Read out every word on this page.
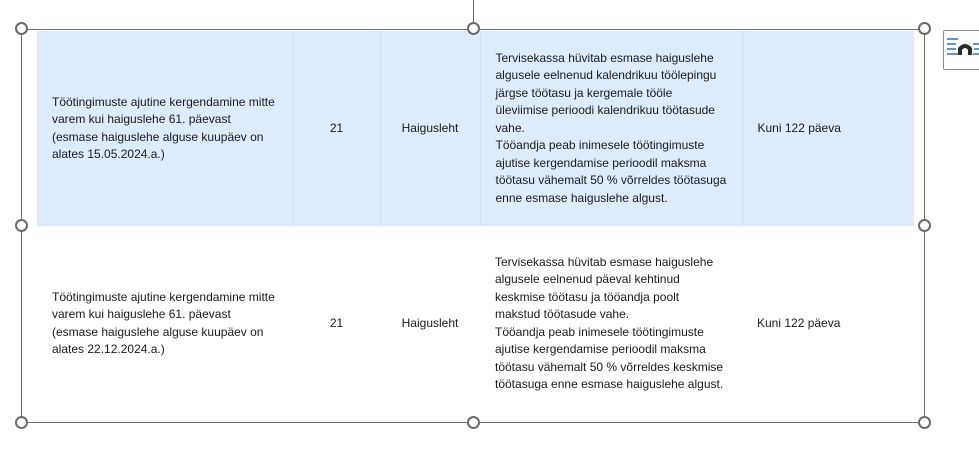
Töötingimuste ajutine kergendamine mitte varem kui haiguslehe 61. päevast (esmase haiguslehe alguse kuupäev on alates 15.05.2024.a.)	21	Haigusleht	Tervisekassa hüvitab esmase haiguslehe algusele eelnenud kalendrikuu töölepingu järgse töötasu ja kergemale tööle üleviimise perioodi kalendrikuu töötasude vahe.
Tööandja peab inimesele töötingimuste ajutise kergendamise perioodil maksma töötasu vähemalt 50 % võrreldes töötasuga enne esmase haiguslehe algust.	Kuni 122 päeva
Töötingimuste ajutine kergendamine mitte varem kui haiguslehe 61. päevast (esmase haiguslehe alguse kuupäev on alates 22.12.2024.a.)	21	Haigusleht	Tervisekassa hüvitab esmase haiguslehe algusele eelnenud päeval kehtinud keskmise töötasu ja tööandja poolt makstud töötasude vahe.
Tööandja peab inimesele töötingimuste ajutise kergendamise perioodil maksma töötasu vähemalt 50 % võrreldes keskmise töötasuga enne esmase haiguslehe algust.	Kuni 122 päeva
